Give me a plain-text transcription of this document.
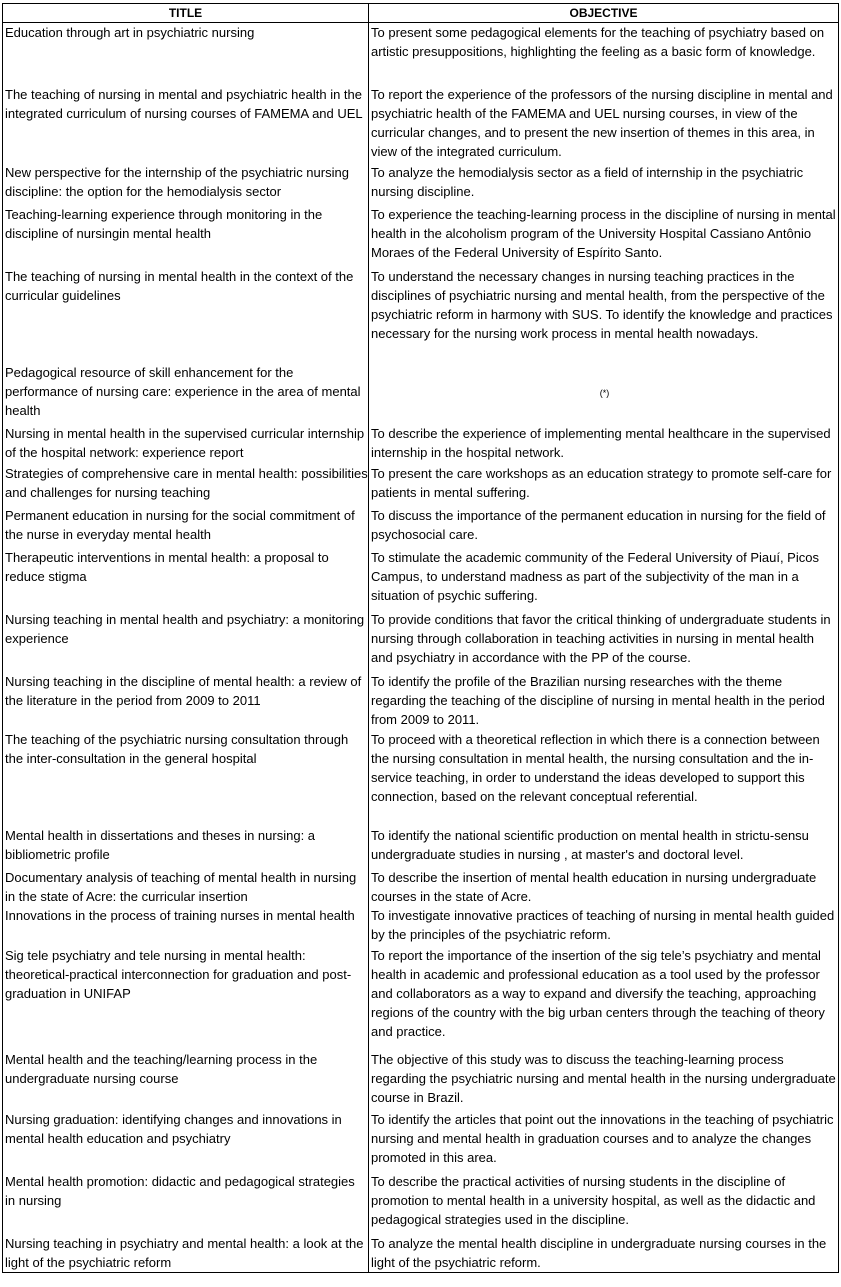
TITLE	OBJECTIVE
Education through art in psychiatric nursing	To present some pedagogical elements for the teaching of psychiatry based on artistic presuppositions, highlighting the feeling as a basic form of knowledge.
The teaching of nursing in mental and psychiatric health in the integrated curriculum of nursing courses of FAMEMA and UEL	To report the experience of the professors of the nursing discipline in mental and psychiatric health of the FAMEMA and UEL nursing courses, in view of the curricular changes, and to present the new insertion of themes in this area, in view of the integrated curriculum.
New perspective for the internship of the psychiatric nursing discipline: the option for the hemodialysis sector	To analyze the hemodialysis sector as a field of internship in the psychiatric nursing discipline.
Teaching-learning experience through monitoring in the discipline of nursingin mental health	To experience the teaching-learning process in the discipline of nursing in mental health in the alcoholism program of the University Hospital Cassiano Antônio Moraes of the Federal University of Espírito Santo.
The teaching of nursing in mental health in the context of the curricular guidelines	To understand the necessary changes in nursing teaching practices in the disciplines of psychiatric nursing and mental health, from the perspective of the psychiatric reform in harmony with SUS. To identify the knowledge and practices necessary for the nursing work process in mental health nowadays.
Pedagogical resource of skill enhancement for the performance of nursing care: experience in the area of mental health	(*)
Nursing in mental health in the supervised curricular internship of the hospital network: experience report	To describe the experience of implementing mental healthcare in the supervised internship in the hospital network.
Strategies of comprehensive care in mental health: possibilities and challenges for nursing teaching	To present the care workshops as an education strategy to promote self-care for patients in mental suffering.
Permanent education in nursing for the social commitment of the nurse in everyday mental health	To discuss the importance of the permanent education in nursing for the field of psychosocial care.
Therapeutic interventions in mental health: a proposal to reduce stigma	To stimulate the academic community of the Federal University of Piauí, Picos Campus, to understand madness as part of the subjectivity of the man in a situation of psychic suffering.
Nursing teaching in mental health and psychiatry: a monitoring experience	To provide conditions that favor the critical thinking of undergraduate students in nursing through collaboration in teaching activities in nursing in mental health and psychiatry in accordance with the PP of the course.
Nursing teaching in the discipline of mental health: a review of the literature in the period from 2009 to 2011	To identify the profile of the Brazilian nursing researches with the theme regarding the teaching of the discipline of nursing in mental health in the period from 2009 to 2011.
The teaching of the psychiatric nursing consultation through the inter-consultation in the general hospital	To proceed with a theoretical reflection in which there is a connection between the nursing consultation in mental health, the nursing consultation and the in-service teaching, in order to understand the ideas developed to support this connection, based on the relevant conceptual referential.
Mental health in dissertations and theses in nursing: a bibliometric profile	To identify the national scientific production on mental health in strictu-sensu undergraduate studies in nursing , at master's and doctoral level.
Documentary analysis of teaching of mental health in nursing in the state of Acre: the curricular insertion	To describe the insertion of mental health education in nursing undergraduate courses in the state of Acre.
Innovations in the process of training nurses in mental health	To investigate innovative practices of teaching of nursing in mental health guided by the principles of the psychiatric reform.
Sig tele psychiatry and tele nursing in mental health: theoretical-practical interconnection for graduation and post-graduation in UNIFAP	To report the importance of the insertion of the sig tele’s psychiatry and mental health in academic and professional education as a tool used by the professor and collaborators as a way to expand and diversify the teaching, approaching regions of the country with the big urban centers through the teaching of theory and practice.
Mental health and the teaching/learning process in the undergraduate nursing course	The objective of this study was to discuss the teaching-learning process regarding the psychiatric nursing and mental health in the nursing undergraduate course in Brazil.
Nursing graduation: identifying changes and innovations in mental health education and psychiatry	To identify the articles that point out the innovations in the teaching of psychiatric nursing and mental health in graduation courses and to analyze the changes promoted in this area.
Mental health promotion: didactic and pedagogical strategies in nursing	To describe the practical activities of nursing students in the discipline of promotion to mental health in a university hospital, as well as the didactic and pedagogical strategies used in the discipline.
Nursing teaching in psychiatry and mental health: a look at the light of the psychiatric reform	To analyze the mental health discipline in undergraduate nursing courses in the light of the psychiatric reform.
